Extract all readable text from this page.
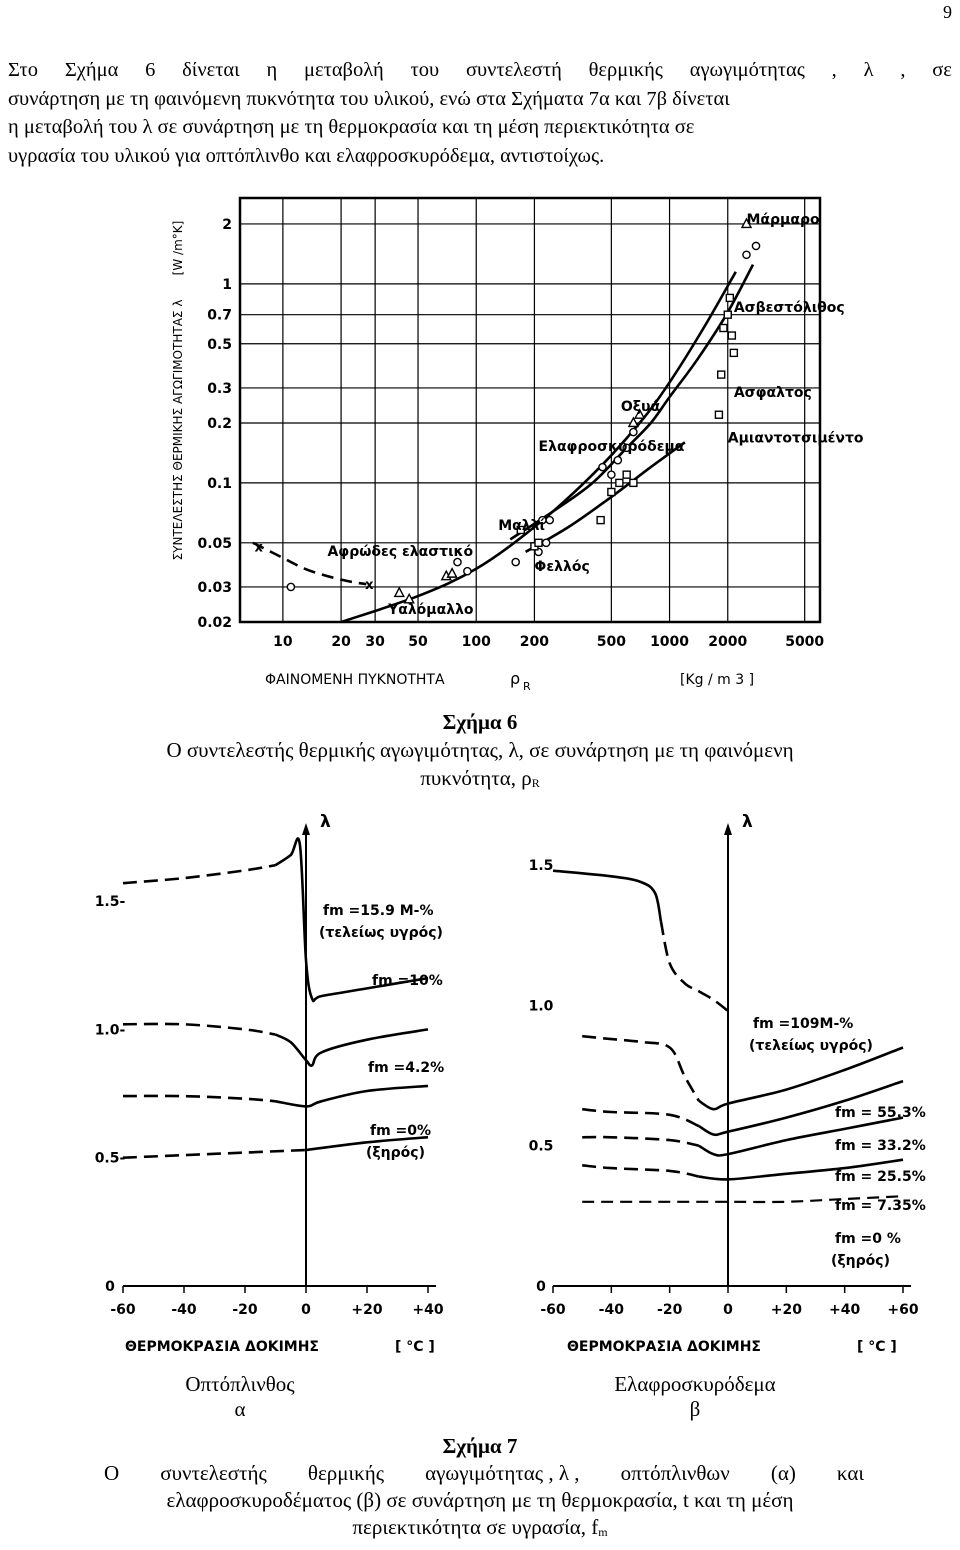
9
Στο Σχήμα 6 δίνεται η μεταβολή του συντελεστή θερμικής αγωγιμότητας , λ , σε
συνάρτηση με τη φαινόμενη πυκνότητα του υλικού, ενώ στα Σχήματα 7α και 7β δίνεται
η μεταβολή του λ σε συνάρτηση με τη θερμοκρασία και τη μέση περιεκτικότητα σε
υγρασία του υλικού για οπτόπλινθο και ελαφροσκυρόδεμα, αντιστοίχως.
10	20 30 50 100 200	500 1000 2000	5000
0.02
0.03
0.05
0.1
0.2
0.3
0.5
0.7
1
2
ΣΥΝΤΕΛΕΣΤΗΣ ΘΕΡΜΙΚΗΣ ΑΓΩΓΙΜΟΤΗΤΑΣ λ
[W /m°K]
ΦΑΙΝΟΜΕΝΗ ΠΥΚΝΟΤΗΤΑ	ρ R	[Kg / m 3 ]
x
x
Μάρμαρο
Ασβεστόλιθος
Ασφαλτος
Αμιαντοτσιμέντο
Οξυά
Ελαφροσκυρόδεμα
Μαλλί
Αφρώδες ελαστικό
Φελλός
Υαλόμαλλο
Σχήμα 6
Ο συντελεστής θερμικής αγωγιμότητας, λ, σε συνάρτηση με τη φαινόμενη
πυκνότητα, ρR
λ
-60	-40	-20	0	+20 +40
0
0.5-
1.0-
1.5-
ΘΕΡΜΟΚΡΑΣΙΑ ΔΟΚΙΜΗΣ	[ °C ]
fm =15.9 M-%
(τελείως υγρός)
fm =10%
fm =4.2%
fm =0%
(ξηρός)
λ
-60 -40 -20	0	+20 +40 +60
0
0.5
1.0
1.5
ΘΕΡΜΟΚΡΑΣΙΑ ΔΟΚΙΜΗΣ	[ °C ]
fm =109M-%
(τελείως υγρός)
fm = 55.3%
fm = 33.2%
fm = 25.5%
fm = 7.35%
fm =0 %
(ξηρός)
Οπτόπλινθος
α
Ελαφροσκυρόδεμα
β
Σχήμα 7
Ο συντελεστής θερμικής αγωγιμότητας , λ , οπτόπλινθων (α) και
ελαφροσκυροδέματος (β) σε συνάρτηση με τη θερμοκρασία, t και τη μέση
περιεκτικότητα σε υγρασία, fm
